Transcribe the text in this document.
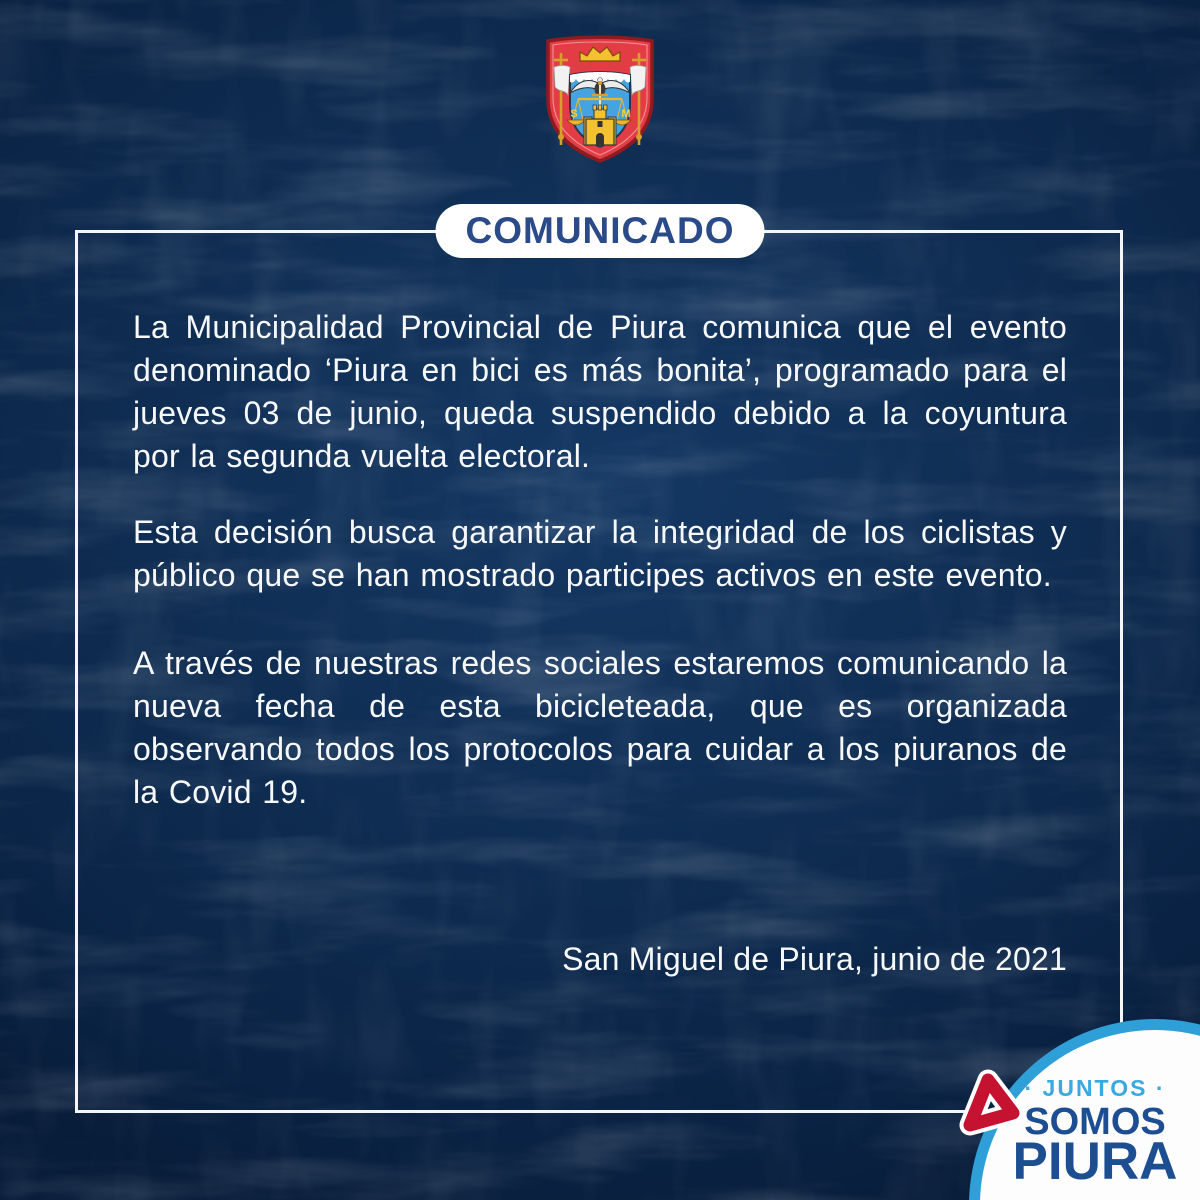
S	M
COMUNICADO

La Municipalidad Provincial de Piura comunica que el evento denominado ‘Piura en bici es más bonita’, programado para el jueves 03 de junio, queda suspendido debido a la coyuntura por la segunda vuelta electoral.

Esta decisión busca garantizar la integridad de los ciclistas y público que se han mostrado participes activos en este evento.

A través de nuestras redes sociales estaremos comunicando la nueva fecha de esta bicicleteada, que es organizada observando todos los protocolos para cuidar a los piuranos de la Covid 19.

San Miguel de Piura, junio de 2021
· JUNTOS ·
SOMOS
PIURA
